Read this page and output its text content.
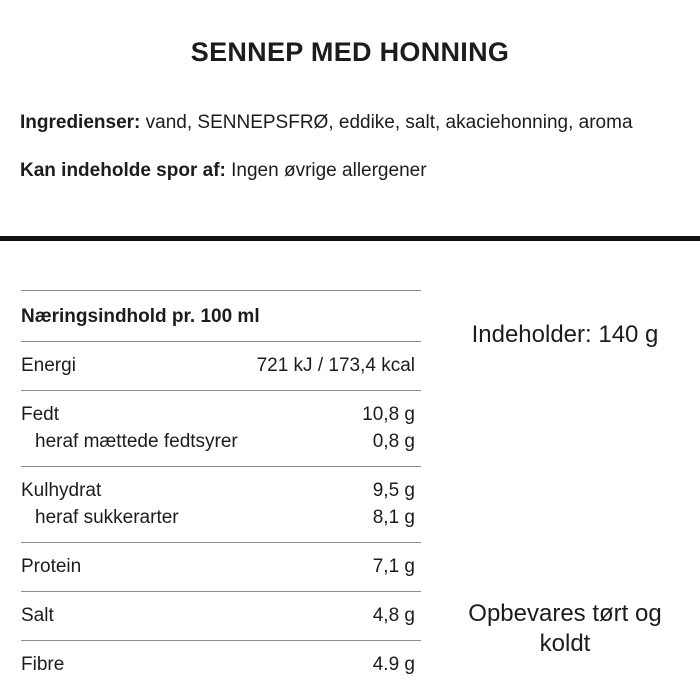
SENNEP MED HONNING

Ingredienser: vand, SENNEPSFRØ, eddike, salt, akaciehonning, aroma

Kan indeholde spor af: Ingen øvrige allergener

Næringsindhold pr. 100 ml
Energi	721 kJ / 173,4 kcal
Fedt	10,8 g
heraf mættede fedtsyrer	0,8 g
Kulhydrat	9,5 g
heraf sukkerarter	8,1 g
Protein	7,1 g
Salt	4,8 g
Fibre	4.9 g
Indeholder: 140 g
Opbevares tørt og
koldt
